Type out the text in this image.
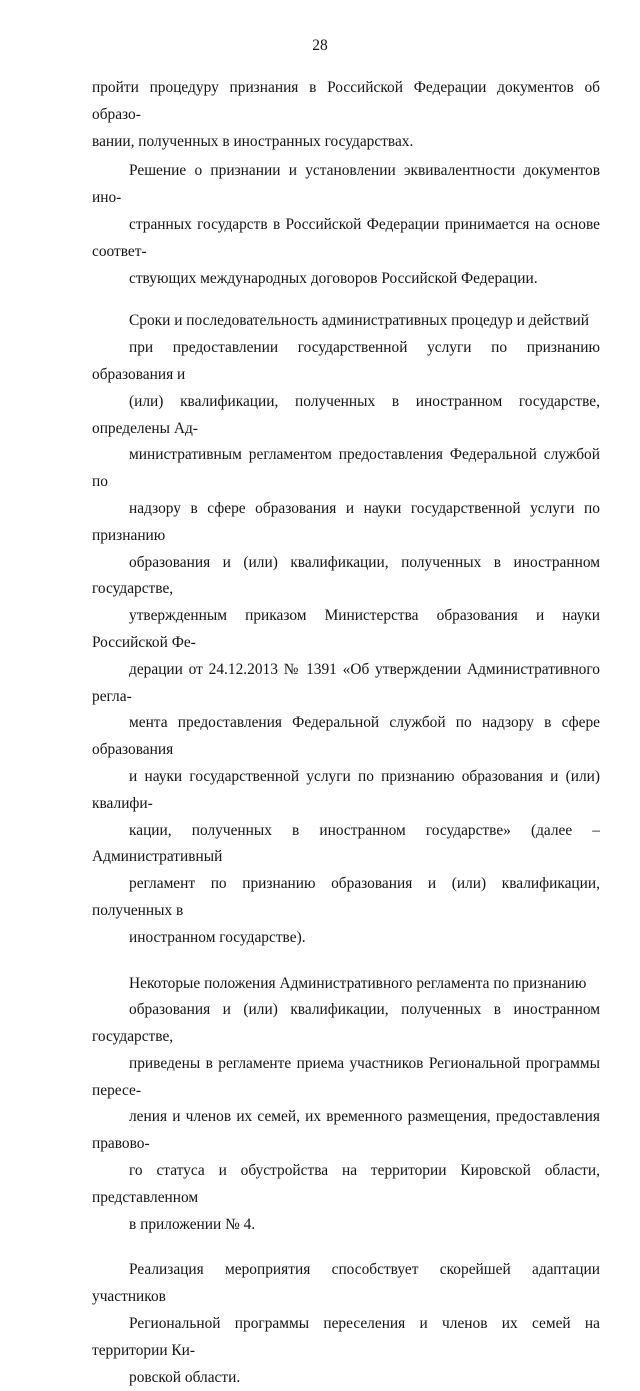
28

пройти процедуру признания в Российской Федерации документов об образо-
вании, полученных в иностранных государствах.

Решение о признании и установлении эквивалентности документов ино-
странных государств в Российской Федерации принимается на основе соответ-
ствующих международных договоров Российской Федерации.

Сроки и последовательность административных процедур и действий
при предоставлении государственной услуги по признанию образования и
(или) квалификации, полученных в иностранном государстве, определены Ад-
министративным регламентом предоставления Федеральной службой по
надзору в сфере образования и науки государственной услуги по признанию
образования и (или) квалификации, полученных в иностранном государстве,
утвержденным приказом Министерства образования и науки Российской Фе-
дерации от 24.12.2013 № 1391 «Об утверждении Административного регла-
мента предоставления Федеральной службой по надзору в сфере образования
и науки государственной услуги по признанию образования и (или) квалифи-
кации, полученных в иностранном государстве» (далее – Административный
регламент по признанию образования и (или) квалификации, полученных в
иностранном государстве).

Некоторые положения Административного регламента по признанию
образования и (или) квалификации, полученных в иностранном государстве,
приведены в регламенте приема участников Региональной программы пересе-
ления и членов их семей, их временного размещения, предоставления правово-
го статуса и обустройства на территории Кировской области, представленном
в приложении № 4.

Реализация мероприятия способствует скорейшей адаптации участников
Региональной программы переселения и членов их семей на территории Ки-
ровской области.
